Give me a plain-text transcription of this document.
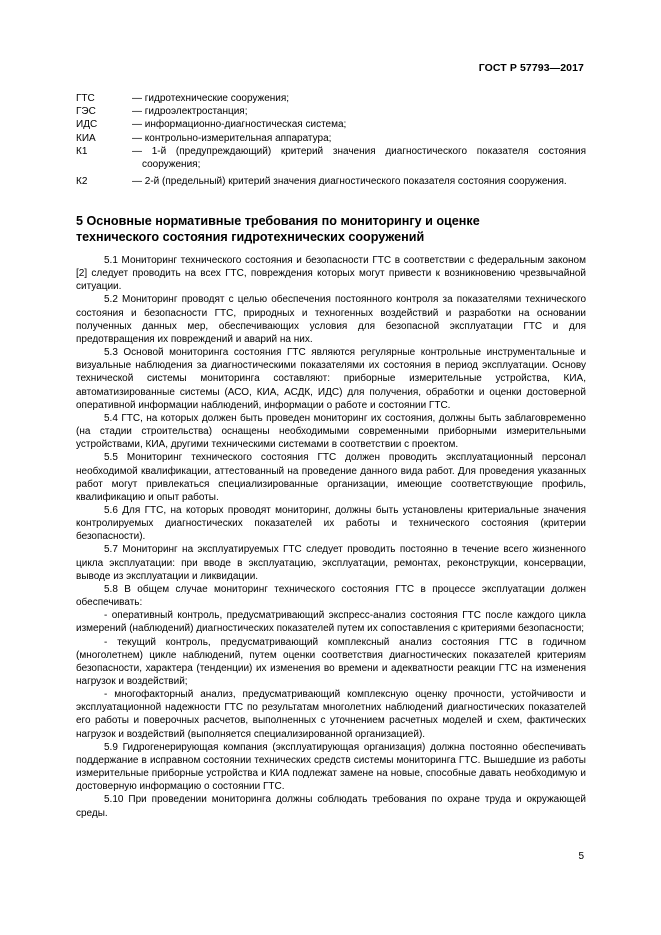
ГОСТ Р 57793—2017
ГТС	— гидротехнические сооружения;
ГЭС	— гидроэлектростанция;
ИДС	— информационно-диагностическая система;
КИА	— контрольно-измерительная аппаратура;
К1	— 1-й (предупреждающий) критерий значения диагностического показателя состояния сооружения;
К2	— 2-й (предельный) критерий значения диагностического показателя состояния сооружения.
5 Основные нормативные требования по мониторингу и оценке технического состояния гидротехнических сооружений

5.1 Мониторинг технического состояния и безопасности ГТС в соответствии с федеральным законом [2] следует проводить на всех ГТС, повреждения которых могут привести к возникновению чрезвычайной ситуации.

5.2 Мониторинг проводят с целью обеспечения постоянного контроля за показателями технического состояния и безопасности ГТС, природных и техногенных воздействий и разработки на основании полученных данных мер, обеспечивающих условия для безопасной эксплуатации ГТС и для предотвращения их повреждений и аварий на них.

5.3 Основой мониторинга состояния ГТС являются регулярные контрольные инструментальные и визуальные наблюдения за диагностическими показателями их состояния в период эксплуатации. Основу технической системы мониторинга составляют: приборные измерительные устройства, КИА, автоматизированные системы (АСО, КИА, АСДК, ИДС) для получения, обработки и оценки достоверной оперативной информации наблюдений, информации о работе и состоянии ГТС.

5.4 ГТС, на которых должен быть проведен мониторинг их состояния, должны быть заблаговременно (на стадии строительства) оснащены необходимыми современными приборными измерительными устройствами, КИА, другими техническими системами в соответствии с проектом.

5.5 Мониторинг технического состояния ГТС должен проводить эксплуатационный персонал необходимой квалификации, аттестованный на проведение данного вида работ. Для проведения указанных работ могут привлекаться специализированные организации, имеющие соответствующие профиль, квалификацию и опыт работы.

5.6 Для ГТС, на которых проводят мониторинг, должны быть установлены критериальные значения контролируемых диагностических показателей их работы и технического состояния (критерии безопасности).

5.7 Мониторинг на эксплуатируемых ГТС следует проводить постоянно в течение всего жизненного цикла эксплуатации: при вводе в эксплуатацию, эксплуатации, ремонтах, реконструкции, консервации, выводе из эксплуатации и ликвидации.

5.8 В общем случае мониторинг технического состояния ГТС в процессе эксплуатации должен обеспечивать:

- оперативный контроль, предусматривающий экспресс-анализ состояния ГТС после каждого цикла измерений (наблюдений) диагностических показателей путем их сопоставления с критериями безопасности;

- текущий контроль, предусматривающий комплексный анализ состояния ГТС в годичном (многолетнем) цикле наблюдений, путем оценки соответствия диагностических показателей критериям безопасности, характера (тенденции) их изменения во времени и адекватности реакции ГТС на изменения нагрузок и воздействий;

- многофакторный анализ, предусматривающий комплексную оценку прочности, устойчивости и эксплуатационной надежности ГТС по результатам многолетних наблюдений диагностических показателей его работы и поверочных расчетов, выполненных с уточнением расчетных моделей и схем, фактических нагрузок и воздействий (выполняется специализированной организацией).

5.9 Гидрогенерирующая компания (эксплуатирующая организация) должна постоянно обеспечивать поддержание в исправном состоянии технических средств системы мониторинга ГТС. Вышедшие из работы измерительные приборные устройства и КИА подлежат замене на новые, способные давать необходимую и достоверную информацию о состоянии ГТС.

5.10 При проведении мониторинга должны соблюдать требования по охране труда и окружающей среды.

5
